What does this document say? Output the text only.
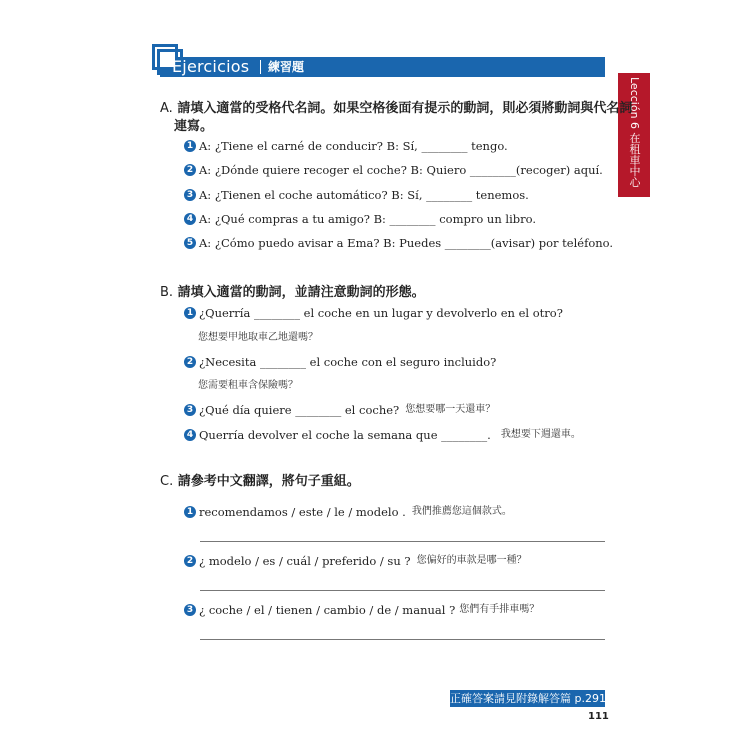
Ejercicios 練習題
Lección 6 在租車中心
A. 請填入適當的受格代名詞。如果空格後面有提示的動詞，則必須將動詞與代名詞
連寫。
1 A: ¿Tiene el carné de conducir? B: Sí, ________ tengo.
2 A: ¿Dónde quiere recoger el coche? B: Quiero ________(recoger) aquí.
3 A: ¿Tienen el coche automático? B: Sí, ________ tenemos.
4 A: ¿Qué compras a tu amigo? B: ________ compro un libro.
5 A: ¿Cómo puedo avisar a Ema? B: Puedes ________(avisar) por teléfono.
B. 請填入適當的動詞，並請注意動詞的形態。
1 ¿Querría ________ el coche en un lugar y devolverlo en el otro?
您想要甲地取車乙地還嗎？
2 ¿Necesita ________ el coche con el seguro incluido?
您需要租車含保險嗎？
3 ¿Qué día quiere ________ el coche? 您想要哪一天還車？
4 Querría devolver el coche la semana que ________. 我想要下週還車。
C. 請參考中文翻譯，將句子重組。
1 recomendamos / este / le / modelo . 我們推薦您這個款式。
2 ¿ modelo / es / cuál / preferido / su ? 您偏好的車款是哪一種？
3 ¿ coche / el / tienen / cambio / de / manual ? 您們有手排車嗎？
正確答案請見附錄解答篇 p.291
111
